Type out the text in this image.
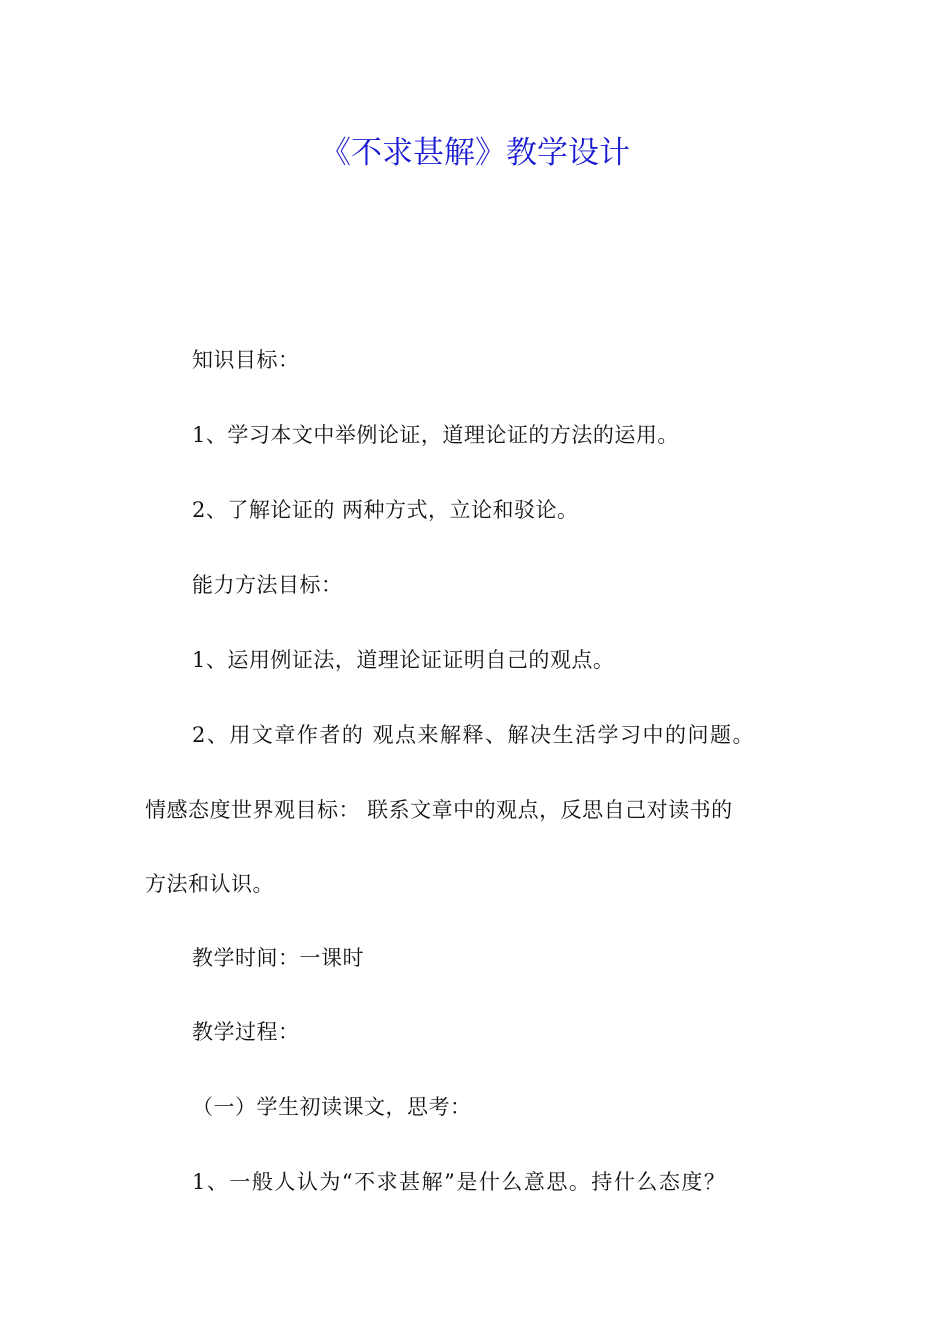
《不求甚解》教学设计
知识目标：
1、学习本文中举例论证，道理论证的方法的运用。
2、了解论证的 两种方式，立论和驳论。
能力方法目标：
1、运用例证法，道理论证证明自己的观点。
2、用文章作者的 观点来解释、解决生活学习中的问题。
情感态度世界观目标： 联系文章中的观点，反思自己对读书的
方法和认识。
教学时间：一课时
教学过程：
（一）学生初读课文，思考：
1、一般人认为“不求甚解”是什么意思。持什么态度？
